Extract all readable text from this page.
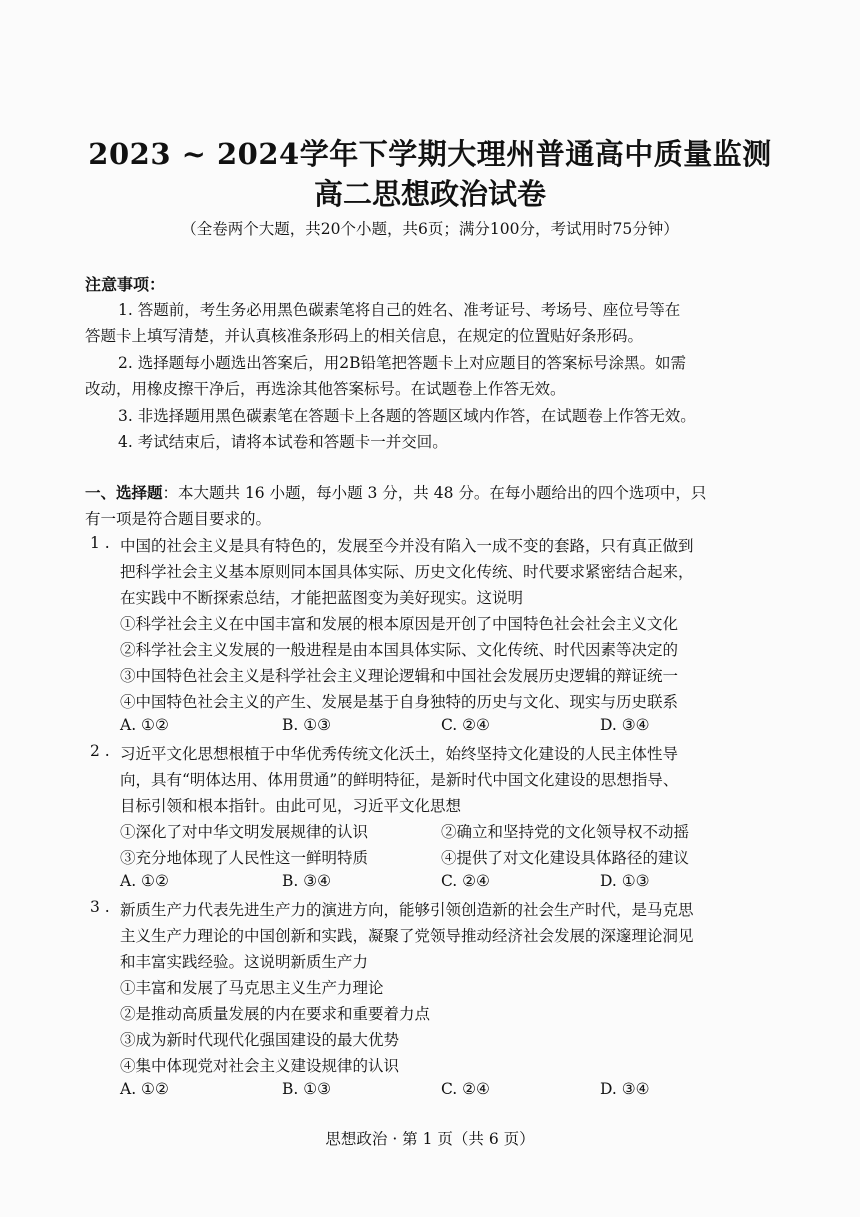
2023 ~ 2024学年下学期大理州普通高中质量监测
高二思想政治试卷
（全卷两个大题，共20个小题，共6页；满分100分，考试用时75分钟）
注意事项：
1. 答题前，考生务必用黑色碳素笔将自己的姓名、准考证号、考场号、座位号等在
答题卡上填写清楚，并认真核准条形码上的相关信息，在规定的位置贴好条形码。
2. 选择题每小题选出答案后，用2B铅笔把答题卡上对应题目的答案标号涂黑。如需
改动，用橡皮擦干净后，再选涂其他答案标号。在试题卷上作答无效。
3. 非选择题用黑色碳素笔在答题卡上各题的答题区域内作答，在试题卷上作答无效。
4. 考试结束后，请将本试卷和答题卡一并交回。
一、选择题：本大题共 16 小题，每小题 3 分，共 48 分。在每小题给出的四个选项中，只
有一项是符合题目要求的。
1 . 中国的社会主义是具有特色的，发展至今并没有陷入一成不变的套路，只有真正做到
把科学社会主义基本原则同本国具体实际、历史文化传统、时代要求紧密结合起来，
在实践中不断探索总结，才能把蓝图变为美好现实。这说明
①科学社会主义在中国丰富和发展的根本原因是开创了中国特色社会社会主义文化
②科学社会主义发展的一般进程是由本国具体实际、文化传统、时代因素等决定的
③中国特色社会主义是科学社会主义理论逻辑和中国社会发展历史逻辑的辩证统一
④中国特色社会主义的产生、发展是基于自身独特的历史与文化、现实与历史联系
A. ①②	B. ①③	C. ②④	D. ③④
2 . 习近平文化思想根植于中华优秀传统文化沃土，始终坚持文化建设的人民主体性导
向，具有“明体达用、体用贯通”的鲜明特征，是新时代中国文化建设的思想指导、
目标引领和根本指针。由此可见，习近平文化思想
①深化了对中华文明发展规律的认识	②确立和坚持党的文化领导权不动摇
③充分地体现了人民性这一鲜明特质	④提供了对文化建设具体路径的建议
A. ①②	B. ③④	C. ②④	D. ①③
3 . 新质生产力代表先进生产力的演进方向，能够引领创造新的社会生产时代，是马克思
主义生产力理论的中国创新和实践，凝聚了党领导推动经济社会发展的深邃理论洞见
和丰富实践经验。这说明新质生产力
①丰富和发展了马克思主义生产力理论
②是推动高质量发展的内在要求和重要着力点
③成为新时代现代化强国建设的最大优势
④集中体现党对社会主义建设规律的认识
A. ①②	B. ①③	C. ②④	D. ③④
思想政治 · 第 1 页（共 6 页）
